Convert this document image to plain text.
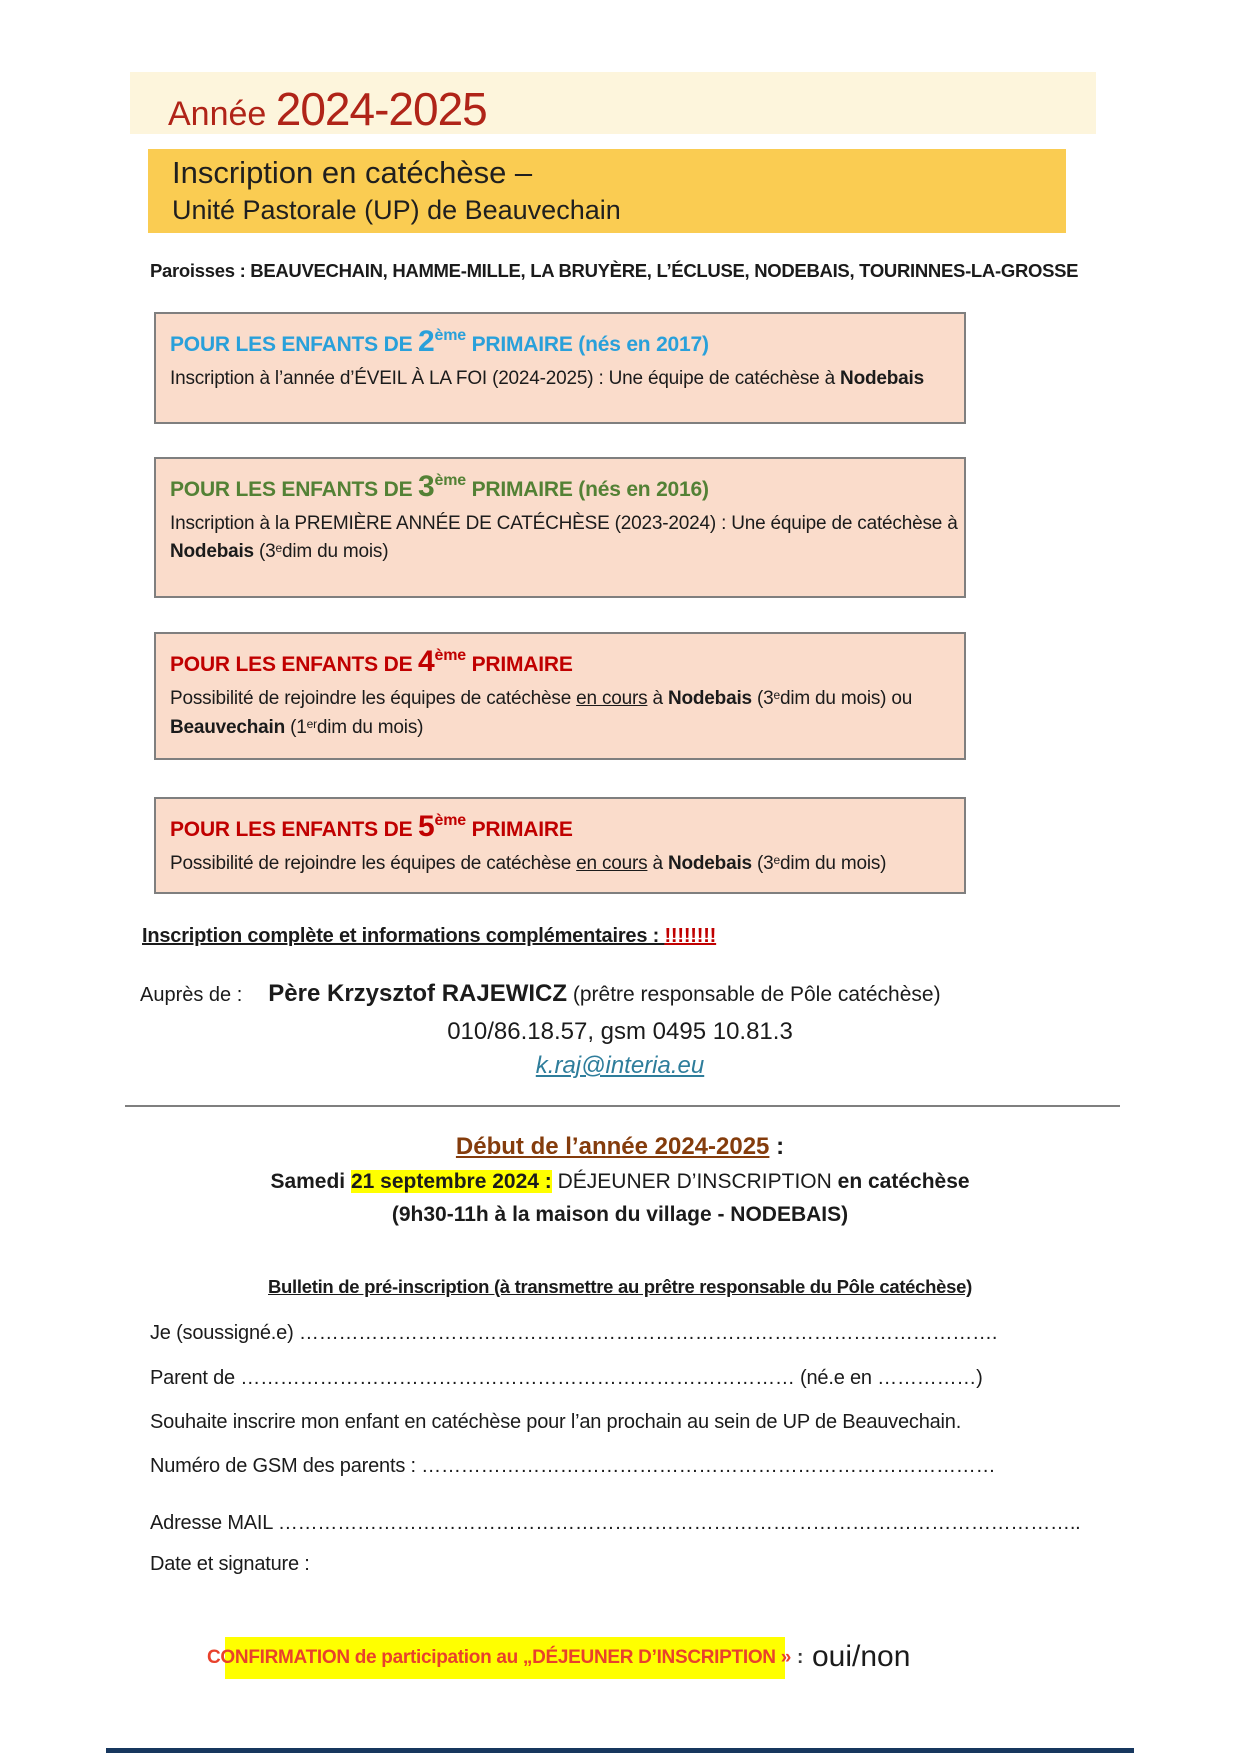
Année 2024-2025
Inscription en catéchèse –
Unité Pastorale (UP) de Beauvechain
Paroisses : BEAUVECHAIN, HAMME-MILLE, LA BRUYÈRE, L’ÉCLUSE, NODEBAIS, TOURINNES-LA-GROSSE
POUR LES ENFANTS DE 2ème PRIMAIRE (nés en 2017)
Inscription à l’année d’ÉVEIL À LA FOI (2024-2025) : Une équipe de catéchèse à Nodebais
POUR LES ENFANTS DE 3ème PRIMAIRE (nés en 2016)
Inscription à la PREMIÈRE ANNÉE DE CATÉCHÈSE (2023-2024) : Une équipe de catéchèse à
Nodebais (3edim du mois)
POUR LES ENFANTS DE 4ème PRIMAIRE
Possibilité de rejoindre les équipes de catéchèse en cours à Nodebais (3edim du mois) ou
Beauvechain (1erdim du mois)
POUR LES ENFANTS DE 5ème PRIMAIRE
Possibilité de rejoindre les équipes de catéchèse en cours à Nodebais (3edim du mois)
Inscription complète et informations complémentaires : !!!!!!!!
Auprès de : Père Krzysztof RAJEWICZ (prêtre responsable de Pôle catéchèse)
010/86.18.57, gsm 0495 10.81.3
k.raj@interia.eu
Début de l’année 2024-2025 :
Samedi 21 septembre 2024 : DÉJEUNER D’INSCRIPTION en catéchèse
(9h30-11h à la maison du village - NODEBAIS)
Bulletin de pré-inscription (à transmettre au prêtre responsable du Pôle catéchèse)
Je (soussigné.e) …………………………………………………………………………………………….
Parent de ………………………………………………………………………… (né.e en ……………)
Souhaite inscrire mon enfant en catéchèse pour l’an prochain au sein de UP de Beauvechain.
Numéro de GSM des parents : ……………………………………………………………………………
Adresse MAIL …………………………………………………………………………………………………………..
Date et signature :
CONFIRMATION de participation au „DÉJEUNER D’INSCRIPTION » : oui/non
